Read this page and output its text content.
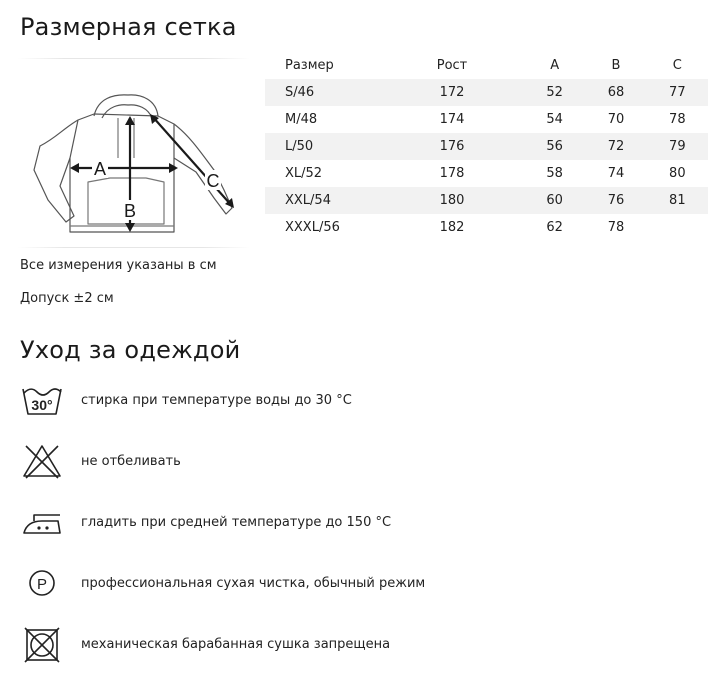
Размерная сетка
A
B
C
Все измерения указаны в см
Допуск ±2 см
Размер	Рост	A	B	C
S/46	172	52	68	77
M/48	174	54	70	78
L/50	176	56	72	79
XL/52	178	58	74	80
XXL/54	180	60	76	81
XXXL/56	182	62	78	
Уход за одеждой
30° стирка при температуре воды до 30 °С
не отбеливать
гладить при средней температуре до 150 °С
P	профессиональная сухая чистка, обычный режим
механическая барабанная сушка запрещена
